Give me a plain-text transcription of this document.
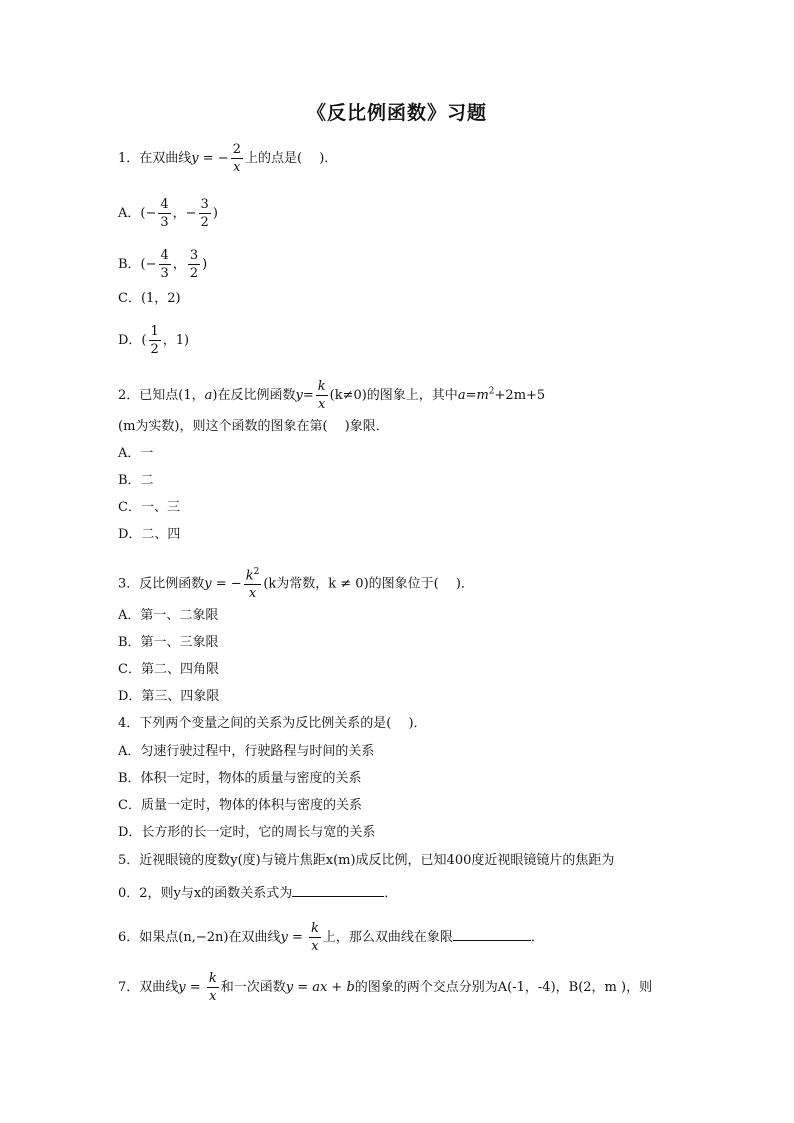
《反比例函数》习题
1．在双曲线y = − $\frac{2}{x}$ 上的点是(　 )．
A．(− $\frac{4}{3}$ ，− $\frac{3}{2}$ )
B．(− $\frac{4}{3}$ ， $\frac{3}{2}$ )
C．(1，2)
D．( $\frac{1}{2}$ ，1)
2．已知点(1，a)在反比例函数$y= \frac{k}{x} (k\ne 0)$的图象上，其中$a=m^2+2m+5$
(m为实数)，则这个函数的图象在第(　 )象限．
A．一
B．二
C．一、三
D．二、四
3．反比例函数y = − $\frac{k^2}{x} (k$为常数，k ≠ 0)的图象位于(　 )．
A．第一、二象限
B．第一、三象限
C．第二、四角限
D．第三、四象限
4．下列两个变量之间的关系为反比例关系的是(　 )．
A．匀速行驶过程中，行驶路程与时间的关系
B．体积一定时，物体的质量与密度的关系
C．质量一定时，物体的体积与密度的关系
D．长方形的长一定时，它的周长与宽的关系
5．近视眼镜的度数y(度)与镜片焦距x(m)成反比例，已知400度近视眼镜镜片的焦距为
0．2，则y与x的函数关系式为	．
6．如果点(n,−2n)在双曲线$y = \frac{k}{x}$ 上，那么双曲线在象限	．
7．双曲线$y = \frac{k}{x}$ 和一次函数y = ax + b的图象的两个交点分别为A(-1，-4)，B(2，m )，则
